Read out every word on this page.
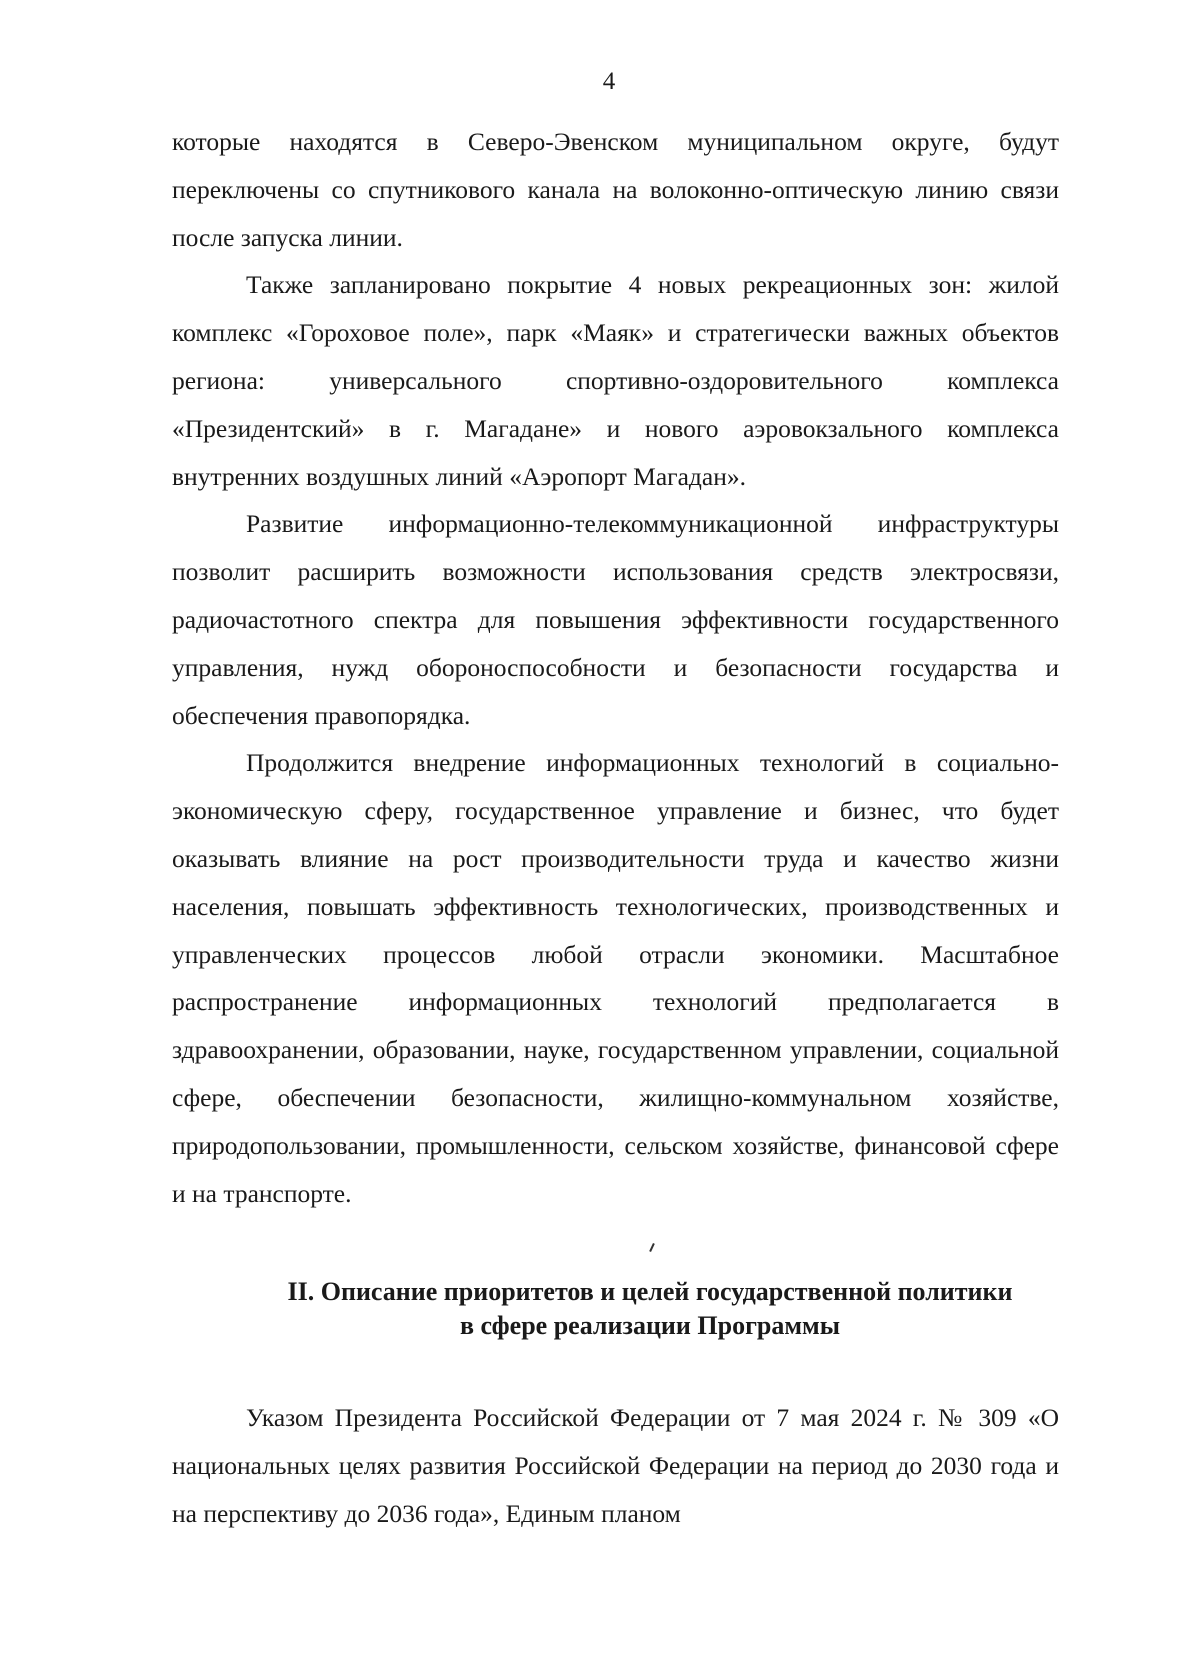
4

которые находятся в Северо-Эвенском муниципальном округе, будут переключены со спутникового канала на волоконно-оптическую линию связи после запуска линии.

Также запланировано покрытие 4 новых рекреационных зон: жилой комплекс «Гороховое поле», парк «Маяк» и стратегически важных объектов региона: универсального спортивно-оздоровительного комплекса «Президентский» в г. Магадане» и нового аэровокзального комплекса внутренних воздушных линий «Аэропорт Магадан».

Развитие информационно-телекоммуникационной инфраструктуры позволит расширить возможности использования средств электросвязи, радиочастотного спектра для повышения эффективности государственного управления, нужд обороноспособности и безопасности государства и обеспечения правопорядка.

Продолжится внедрение информационных технологий в социально-экономическую сферу, государственное управление и бизнес, что будет оказывать влияние на рост производительности труда и качество жизни населения, повышать эффективность технологических, производственных и управленческих процессов любой отрасли экономики. Масштабное распространение информационных технологий предполагается в здравоохранении, образовании, науке, государственном управлении, социальной сфере, обеспечении безопасности, жилищно-коммунальном хозяйстве, природопользовании, промышленности, сельском хозяйстве, финансовой сфере и на транспорте.

II. Описание приоритетов и целей государственной политики
в сфере реализации Программы

Указом Президента Российской Федерации от 7 мая 2024 г. № 309 «О национальных целях развития Российской Федерации на период до 2030 года и на перспективу до 2036 года», Единым планом
